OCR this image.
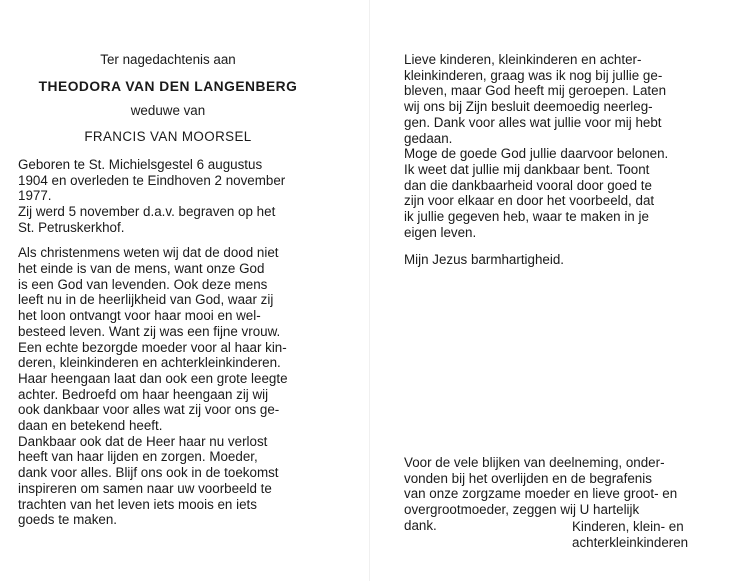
Ter nagedachtenis aan

THEODORA VAN DEN LANGENBERG

weduwe van

FRANCIS VAN MOORSEL

Geboren te St. Michielsgestel 6 augustus

1904 en overleden te Eindhoven 2 november

1977.

Zij werd 5 november d.a.v. begraven op het

St. Petruskerkhof.

Als christenmens weten wij dat de dood niet

het einde is van de mens, want onze God

is een God van levenden. Ook deze mens

leeft nu in de heerlijkheid van God, waar zij

het loon ontvangt voor haar mooi en wel-

besteed leven. Want zij was een fijne vrouw.

Een echte bezorgde moeder voor al haar kin-

deren, kleinkinderen en achterkleinkinderen.

Haar heengaan laat dan ook een grote leegte

achter. Bedroefd om haar heengaan zij wij

ook dankbaar voor alles wat zij voor ons ge-

daan en betekend heeft.

Dankbaar ook dat de Heer haar nu verlost

heeft van haar lijden en zorgen. Moeder,

dank voor alles. Blijf ons ook in de toekomst

inspireren om samen naar uw voorbeeld te

trachten van het leven iets moois en iets

goeds te maken.

Lieve kinderen, kleinkinderen en achter-

kleinkinderen, graag was ik nog bij jullie ge-

bleven, maar God heeft mij geroepen. Laten

wij ons bij Zijn besluit deemoedig neerleg-

gen. Dank voor alles wat jullie voor mij hebt

gedaan.

Moge de goede God jullie daarvoor belonen.

Ik weet dat jullie mij dankbaar bent. Toont

dan die dankbaarheid vooral door goed te

zijn voor elkaar en door het voorbeeld, dat

ik jullie gegeven heb, waar te maken in je

eigen leven.

Mijn Jezus barmhartigheid.

Voor de vele blijken van deelneming, onder-

vonden bij het overlijden en de begrafenis

van onze zorgzame moeder en lieve groot- en

overgrootmoeder, zeggen wij U hartelijk

dank.	Kinderen, klein- en

achterkleinkinderen
